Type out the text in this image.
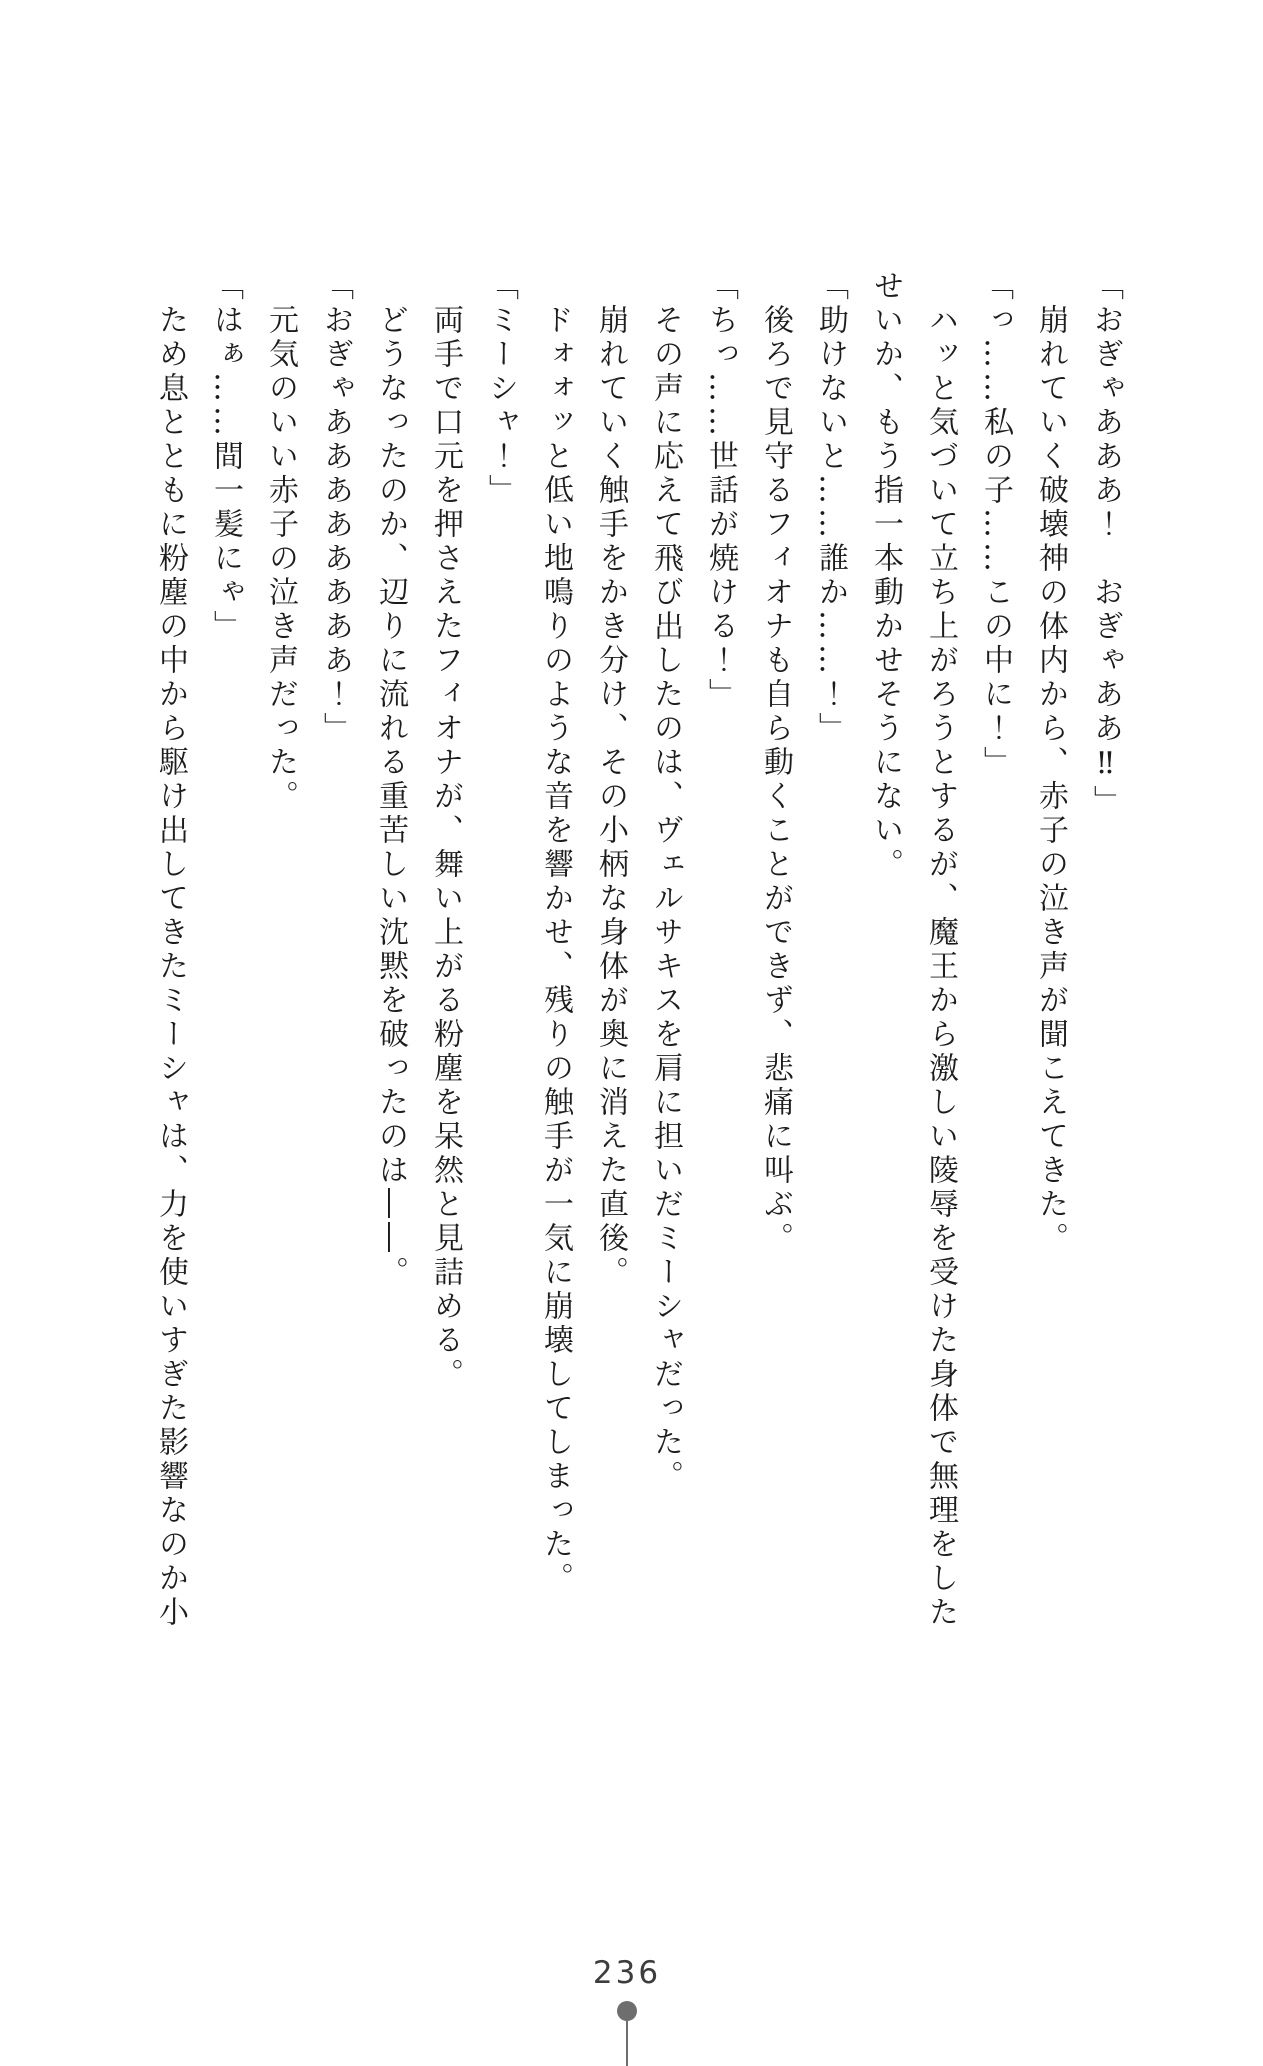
「おぎゃあああ！　おぎゃああ‼」

崩れていく破壊神の体内から、赤子の泣き声が聞こえてきた。

「っ……私の子……この中に！」

ハッと気づいて立ち上がろうとするが、魔王から激しい陵辱を受けた身体で無理をしたせいか、もう指一本動かせそうにない。

「助けないと……誰か……！」

後ろで見守るフィオナも自ら動くことができず、悲痛に叫ぶ。

「ちっ……世話が焼ける！」

その声に応えて飛び出したのは、ヴェルサキスを肩に担いだミーシャだった。

崩れていく触手をかき分け、その小柄な身体が奥に消えた直後。

ドォォッと低い地鳴りのような音を響かせ、残りの触手が一気に崩壊してしまった。

「ミーシャ！」

両手で口元を押さえたフィオナが、舞い上がる粉塵を呆然と見詰める。

どうなったのか、辺りに流れる重苦しい沈黙を破ったのは――。

「おぎゃああああああああ！」

元気のいい赤子の泣き声だった。

「はぁ……間一髪にゃ」

ため息とともに粉塵の中から駆け出してきたミーシャは、力を使いすぎた影響なのか小

236
